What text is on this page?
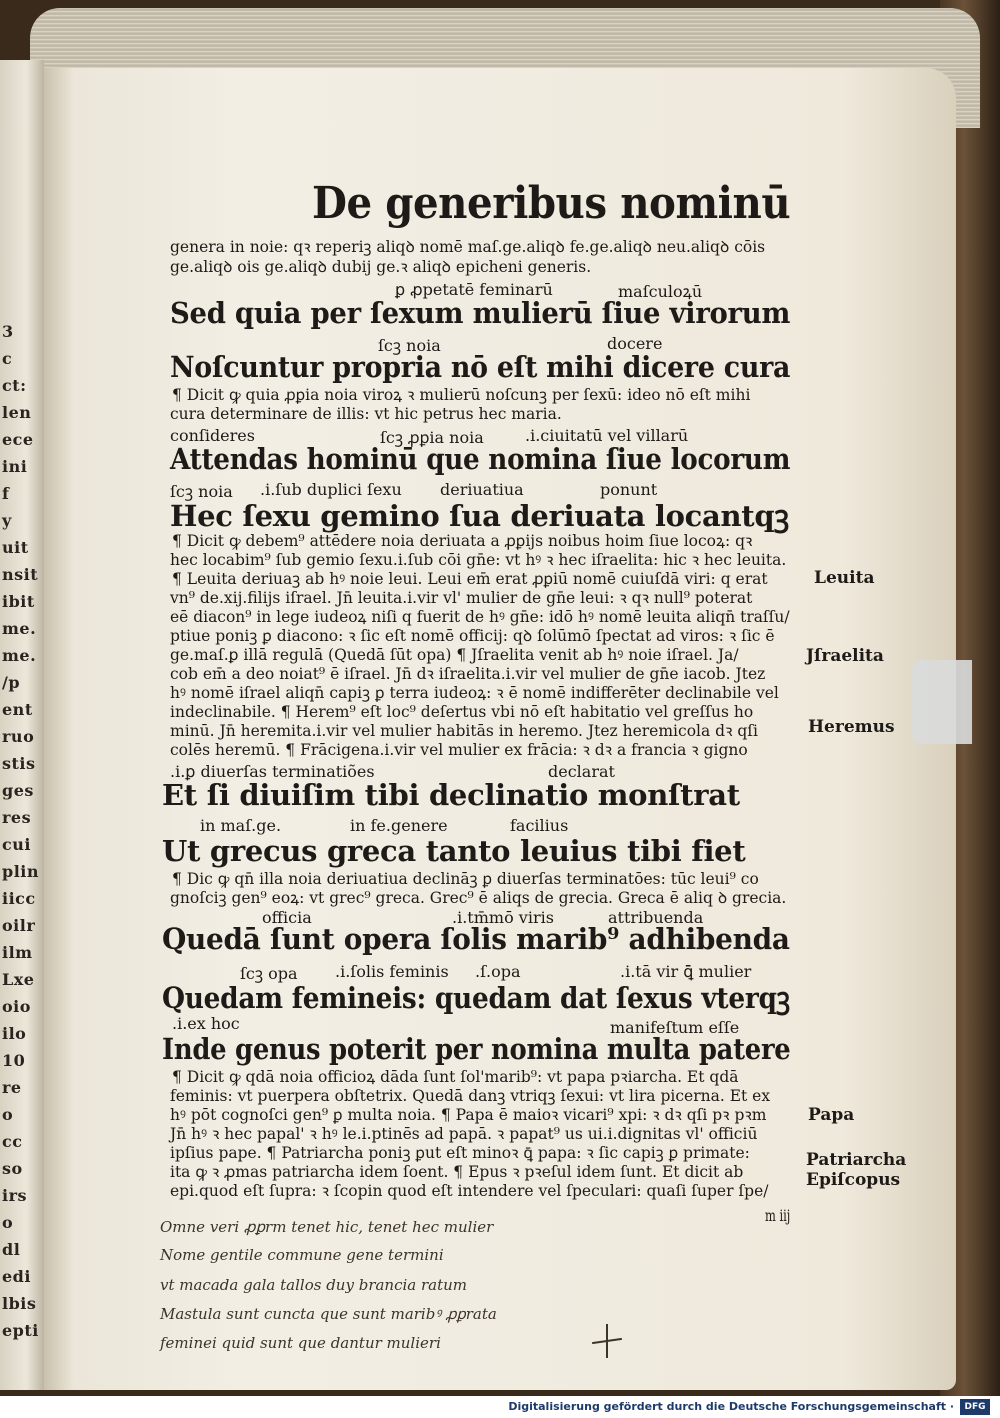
3
c
ct:
len
ece
ini
f
y
uit
nsit
ibit
me.
me.
/p
ent
ruo
stis
ges
res
cui
plin
iicc
oilr
ilm
Lxe
oio
ilo
10
re
o
cc
so
irs
o
dl
edi
lbis
epti
De generibus nominū
genera in noie: qꝛ reperiꝫ aliqꝺ nomē maſ.ge.aliqꝺ fe.ge.aliqꝺ neu.aliqꝺ cōis
ge.aliqꝺ ois ge.aliqꝺ dubij ge.ꝛ aliqꝺ epicheni generis.
ꝑ ꝓpetatē feminarū	maſculoꝝū
Sed quia per ſexum mulierū ſiue virorum
ſcꝫ noia	docere
Noſcuntur propria nō eſt mihi dicere cura
¶ Dicit ꝙ quia ꝓꝑia noia viroꝝ ꝛ mulierū noſcunꝫ per ſexū: ideo nō eſt mihi
cura determinare de illis: vt hic petrus hec maria.
conſideres	ſcꝫ ꝓꝑia noia	.i.ciuitatū vel villarū
Attendas hominū que nomina ſiue locorum
ſcꝫ noia .i.ſub duplici ſexu deriuatiua	ponunt
Hec ſexu gemino ſua deriuata locantqꝫ
¶ Dicit ꝙ debem⁹ attēdere noia deriuata a ꝓꝑijs noibus hoim ſiue locoꝝ: qꝛ
hec locabim⁹ ſub gemio ſexu.i.ſub cōi gn̄e: vt hꝰ ꝛ hec iſraelita: hic ꝛ hec leuita.
¶ Leuita deriuaꝫ ab hꝰ noie leui. Leui em̄ erat ꝓꝑiū nomē cuiuſdā viri: q erat
vn⁹ de.xij.filijs iſrael. Jn̄ leuita.i.vir vl' mulier de gn̄e leui: ꝛ qꝛ null⁹ poterat
eē diacon⁹ in lege iudeoꝝ niſi q fuerit de hꝰ gn̄e: idō hꝰ nomē leuita aliqn̄ traſſu/
ptiue poniꝫ ꝑ diacono: ꝛ ſic eſt nomē officij: qꝺ ſolūmō ſpectat ad viros: ꝛ ſic ē
ge.maſ.ꝑ illā regulā (Quedā ſūt opa) ¶ Jſraelita venit ab hꝰ noie iſrael. Ja/
cob em̄ a deo noiat⁹ ē iſrael. Jn̄ dꝛ iſraelita.i.vir vel mulier de gn̄e iacob. Jtez
hꝰ nomē iſrael aliqn̄ capiꝫ ꝑ terra iudeoꝝ: ꝛ ē nomē indifferēter declinabile vel
indeclinabile. ¶ Herem⁹ eſt loc⁹ deſertus vbi nō eſt habitatio vel greſſus ho
minū. Jn̄ heremita.i.vir vel mulier habitās in heremo. Jtez heremicola dꝛ qſi
colēs heremū. ¶ Frācigena.i.vir vel mulier ex frācia: ꝛ dꝛ a francia ꝛ gigno
.i.ꝑ diuerſas terminatiões	declarat
Et ſi diuiſim tibi declinatio monſtrat
in maſ.ge.	in fe.genere	facilius
Ut grecus greca tanto leuius tibi fiet
¶ Dic ꝙ qn̄ illa noia deriuatiua declināꝫ ꝑ diuerſas terminatōes: tūc leui⁹ co
gnoſciꝫ gen⁹ eoꝝ: vt grec⁹ greca. Grec⁹ ē aliqs de grecia. Greca ē aliq ꝺ grecia.
officia	.i.tm̄mō viris	attribuenda
Quedā ſunt opera ſolis marib⁹ adhibenda
ſcꝫ opa .i.ſolis feminis .ſ.opa	.i.tā vir ꝗ̄ mulier
Quedam femineis: quedam dat ſexus vterqꝫ
.i.ex hoc	manifeſtum eſſe
Inde genus poterit per nomina multa patere
¶ Dicit ꝙ qdā noia officioꝝ dāda ſunt ſol'marib⁹: vt papa pꝛiarcha. Et qdā
feminis: vt puerpera obſtetrix. Quedā danꝫ vtriqꝫ ſexui: vt lira picerna. Et ex
hꝰ pōt cognoſci gen⁹ ꝑ multa noia. ¶ Papa ē maioꝛ vicari⁹ xpi: ꝛ dꝛ qſi pꝛ pꝛm
Jn̄ hꝰ ꝛ hec papal' ꝛ hꝰ le.i.ptinēs ad papā. ꝛ papat⁹ us ui.i.dignitas vl' officiū
ipſius pape. ¶ Patriarcha poniꝫ ꝑut eſt minoꝛ ꝗ̄ papa: ꝛ ſic capiꝫ ꝑ primate:
ita ꝙ ꝛ ꝓmas patriarcha idem ſoent. ¶ Epus ꝛ pꝛeſul idem ſunt. Et dicit ab
epi.quod eſt ſupra: ꝛ ſcopin quod eſt intendere vel ſpeculari: quaſi ſuper ſpe/
m iij
Leuita
Jſraelita
Heremus
Papa
Patriarcha
Epiſcopus
Omne veri ꝓꝑrm tenet hic, tenet hec mulier
Nome gentile commune gene termini
vt macada gala tallos duy brancia ratum
Mastula sunt cuncta que sunt maribꝰ ꝓꝑrata
feminei quid sunt que dantur mulieri
Digitalisierung gefördert durch die Deutsche Forschungsgemeinschaft ·	DFG
